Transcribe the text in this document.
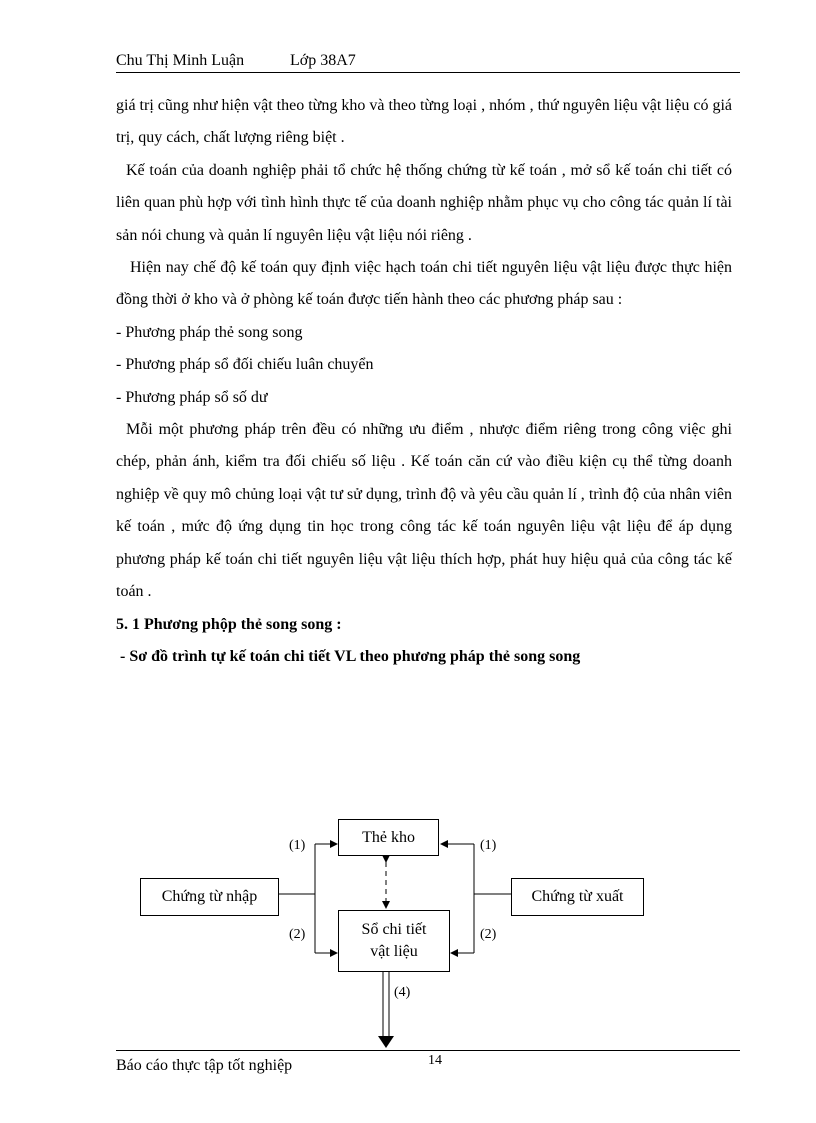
Chu Thị Minh Luận	Lớp 38A7

giá trị cũng như hiện vật theo từng kho và theo từng loại , nhóm , thứ nguyên liệu vật liệu có giá trị, quy cách, chất lượng riêng biệt .

Kế toán của doanh nghiệp phải tổ chức hệ thống chứng từ kế toán , mở sổ kế toán chi tiết có liên quan phù hợp với tình hình thực tế của doanh nghiệp nhằm phục vụ cho công tác quản lí tài sản nói chung và quản lí nguyên liệu vật liệu nói riêng .

Hiện nay chế độ kế toán quy định việc hạch toán chi tiết nguyên liệu vật liệu được thực hiện đồng thời ở kho và ở phòng kế toán được tiến hành theo các phương pháp sau :

- Phương pháp thẻ song song

- Phương pháp sổ đối chiếu luân chuyển

- Phương pháp sổ số dư

Mỗi một phương pháp trên đều có những ưu điểm , nhược điểm riêng trong công việc ghi chép, phản ánh, kiểm tra đối chiếu số liệu . Kế toán căn cứ vào điều kiện cụ thể từng doanh nghiệp về quy mô chủng loại vật tư sử dụng, trình độ và yêu cầu quản lí , trình độ của nhân viên kế toán , mức độ ứng dụng tin học trong công tác kế toán nguyên liệu vật liệu để áp dụng phương pháp kế toán chi tiết nguyên liệu vật liệu thích hợp, phát huy hiệu quả của công tác kế toán .

5. 1 Phương phộp thẻ song song :

- Sơ đồ trình tự kế toán chi tiết VL theo phương pháp thẻ song song

Thẻ kho
Chứng từ nhập	Chứng từ xuất
Sổ chi tiết
vật liệu
(1)	(1)
(2)	(2)
(4)
Báo cáo thực tập tốt nghiệp	14
